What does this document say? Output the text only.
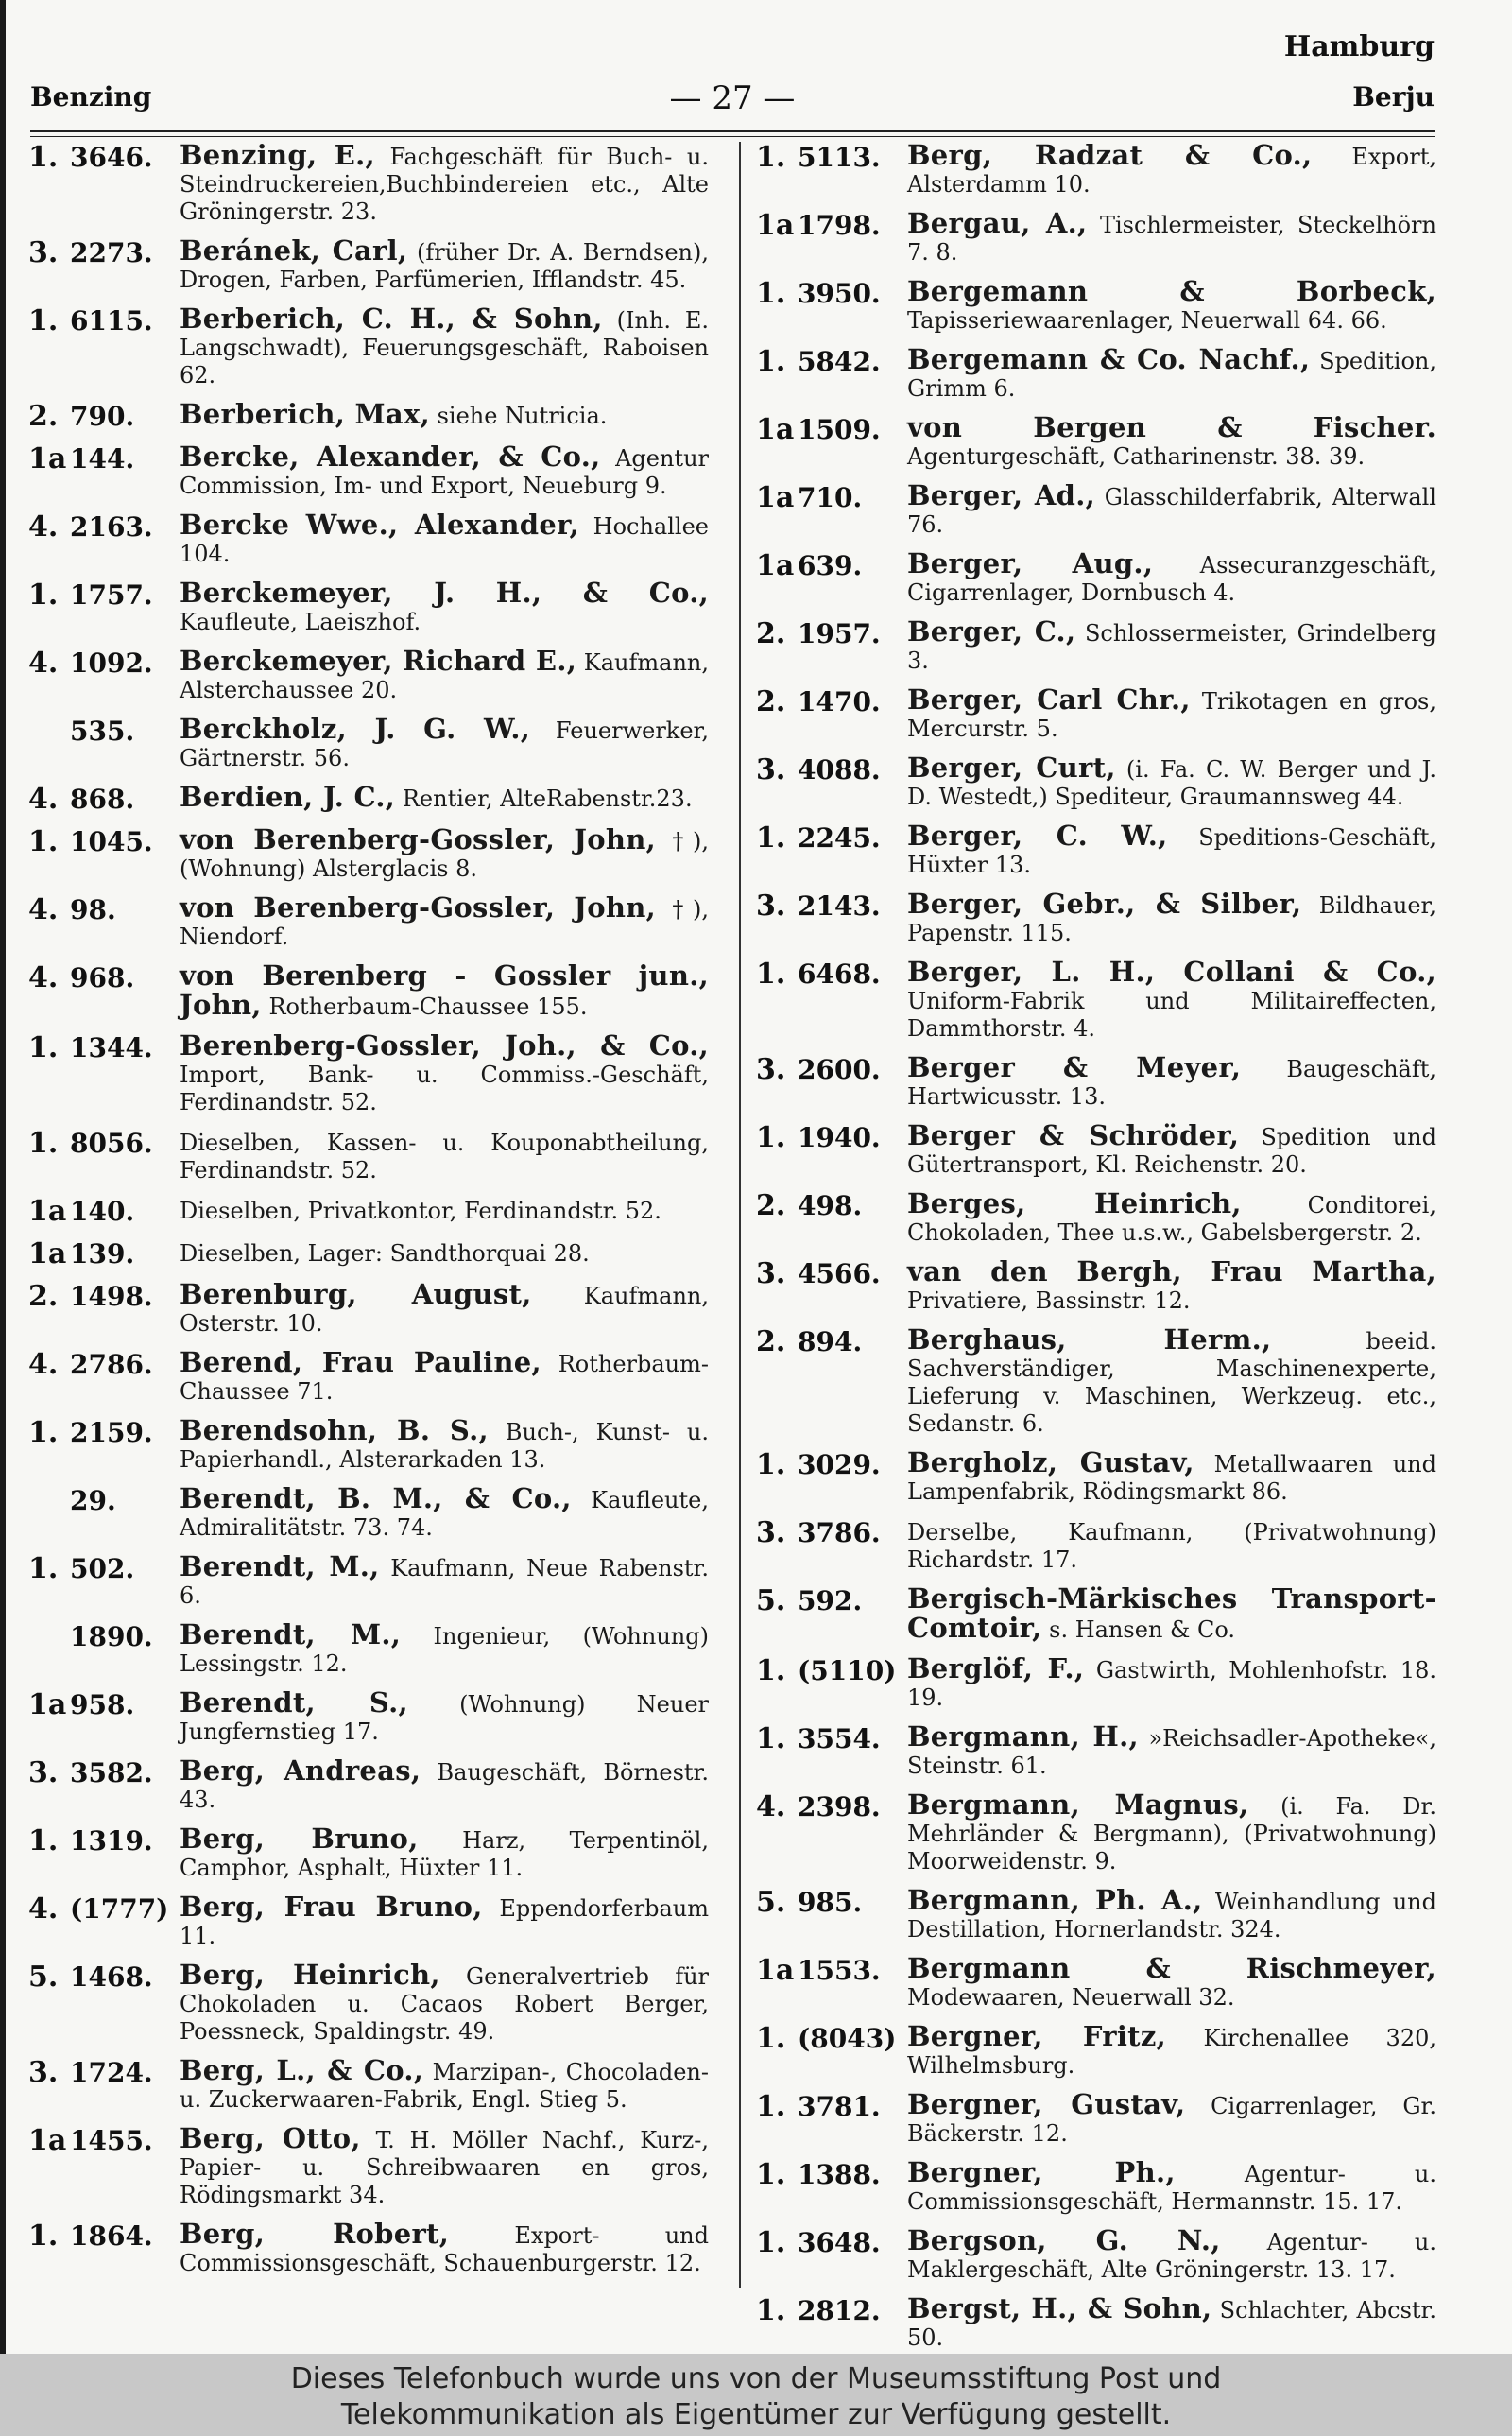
Hamburg
Benzing	— 27 —	Berju
1. 3646. Benzing, E., Fachgeschäft für Buch- u. Steindruckereien,Buchbindereien etc., Alte Gröningerstr. 23.
3. 2273. Beránek, Carl, (früher Dr. A. Berndsen), Drogen, Farben, Parfümerien, Ifflandstr. 45.
1. 6115. Berberich, C. H., & Sohn, (Inh. E. Langschwadt), Feuerungsgeschäft, Raboisen 62.
2. 790.	Berberich, Max, siehe Nutricia.
1a 144.	Bercke, Alexander, & Co., Agentur Commission, Im- und Export, Neueburg 9.
4. 2163. Bercke Wwe., Alexander, Hochallee 104.
1. 1757. Berckemeyer, J. H., & Co., Kaufleute, Laeiszhof.
4. 1092. Berckemeyer, Richard E., Kaufmann, Alsterchaussee 20.
535.	Berckholz, J. G. W., Feuerwerker, Gärtnerstr. 56.
4. 868.	Berdien, J. C., Rentier, AlteRabenstr.23.
1. 1045. von Berenberg-Gossler, John, †), (Wohnung) Alsterglacis 8.
4. 98.	von Berenberg-Gossler, John, †), Niendorf.
4. 968.	von Berenberg - Gossler jun., John, Rotherbaum-Chaussee 155.
1. 1344. Berenberg-Gossler, Joh., & Co., Import, Bank- u. Commiss.-Geschäft, Ferdinandstr. 52.
1. 8056.	Dieselben, Kassen- u. Kouponabtheilung, Ferdinandstr. 52.
1a 140.	Dieselben, Privatkontor, Ferdinandstr. 52.
1a 139.	Dieselben, Lager: Sandthorquai 28.
2. 1498. Berenburg, August, Kaufmann, Osterstr. 10.
4. 2786. Berend, Frau Pauline, Rotherbaum-Chaussee 71.
1. 2159. Berendsohn, B. S., Buch-, Kunst- u. Papierhandl., Alsterarkaden 13.
29.	Berendt, B. M., & Co., Kaufleute, Admiralitätstr. 73. 74.
1. 502.	Berendt, M., Kaufmann, Neue Rabenstr. 6.
1890. Berendt, M., Ingenieur, (Wohnung) Lessingstr. 12.
1a 958.	Berendt, S., (Wohnung) Neuer Jungfernstieg 17.
3. 3582. Berg, Andreas, Baugeschäft, Börnestr. 43.
1. 1319. Berg, Bruno, Harz, Terpentinöl, Camphor, Asphalt, Hüxter 11.
4. (1777) Berg, Frau Bruno, Eppendorferbaum 11.
5. 1468. Berg, Heinrich, Generalvertrieb für Chokoladen u. Cacaos Robert Berger, Poessneck, Spaldingstr. 49.
3. 1724. Berg, L., & Co., Marzipan-, Chocoladen- u. Zuckerwaaren-Fabrik, Engl. Stieg 5.
1a 1455. Berg, Otto, T. H. Möller Nachf., Kurz-, Papier- u. Schreibwaaren en gros, Rödingsmarkt 34.
1. 1864. Berg, Robert, Export- und Commissionsgeschäft, Schauenburgerstr. 12.
1. 5113. Berg, Radzat & Co., Export, Alsterdamm 10.
1a 1798. Bergau, A., Tischlermeister, Steckelhörn 7. 8.
1. 3950. Bergemann & Borbeck, Tapisseriewaarenlager, Neuerwall 64. 66.
1. 5842. Bergemann & Co. Nachf., Spedition, Grimm 6.
1a 1509. von Bergen & Fischer. Agenturgeschäft, Catharinenstr. 38. 39.
1a 710.	Berger, Ad., Glasschilderfabrik, Alterwall 76.
1a 639.	Berger, Aug., Assecuranzgeschäft, Cigarrenlager, Dornbusch 4.
2. 1957. Berger, C., Schlossermeister, Grindelberg 3.
2. 1470. Berger, Carl Chr., Trikotagen en gros, Mercurstr. 5.
3. 4088. Berger, Curt, (i. Fa. C. W. Berger und J. D. Westedt,) Spediteur, Graumannsweg 44.
1. 2245. Berger, C. W., Speditions-Geschäft, Hüxter 13.
3. 2143. Berger, Gebr., & Silber, Bildhauer, Papenstr. 115.
1. 6468. Berger, L. H., Collani & Co., Uniform-Fabrik und Militaireffecten, Dammthorstr. 4.
3. 2600. Berger & Meyer, Baugeschäft, Hartwicusstr. 13.
1. 1940. Berger & Schröder, Spedition und Gütertransport, Kl. Reichenstr. 20.
2. 498.	Berges, Heinrich, Conditorei, Chokoladen, Thee u.s.w., Gabelsbergerstr. 2.
3. 4566. van den Bergh, Frau Martha, Privatiere, Bassinstr. 12.
2. 894.	Berghaus, Herm., beeid. Sachverständiger, Maschinenexperte, Lieferung v. Maschinen, Werkzeug. etc., Sedanstr. 6.
1. 3029. Bergholz, Gustav, Metallwaaren und Lampenfabrik, Rödingsmarkt 86.
3. 3786.	Derselbe, Kaufmann, (Privatwohnung) Richardstr. 17.
5. 592.	Bergisch-Märkisches Transport-Comtoir, s. Hansen & Co.
1. (5110) Berglöf, F., Gastwirth, Mohlenhofstr. 18. 19.
1. 3554. Bergmann, H., »Reichsadler-Apotheke«, Steinstr. 61.
4. 2398. Bergmann, Magnus, (i. Fa. Dr. Mehrländer & Bergmann), (Privatwohnung) Moorweidenstr. 9.
5. 985.	Bergmann, Ph. A., Weinhandlung und Destillation, Hornerlandstr. 324.
1a 1553. Bergmann & Rischmeyer, Modewaaren, Neuerwall 32.
1. (8043) Bergner, Fritz, Kirchenallee 320, Wilhelmsburg.
1. 3781. Bergner, Gustav, Cigarrenlager, Gr. Bäckerstr. 12.
1. 1388. Bergner, Ph., Agentur- u. Commissionsgeschäft, Hermannstr. 15. 17.
1. 3648. Bergson, G. N., Agentur- u. Maklergeschäft, Alte Gröningerstr. 13. 17.
1. 2812. Bergst, H., & Sohn, Schlachter, Abcstr. 50.
Dieses Telefonbuch wurde uns von der Museumsstiftung Post und
Telekommunikation als Eigentümer zur Verfügung gestellt.
